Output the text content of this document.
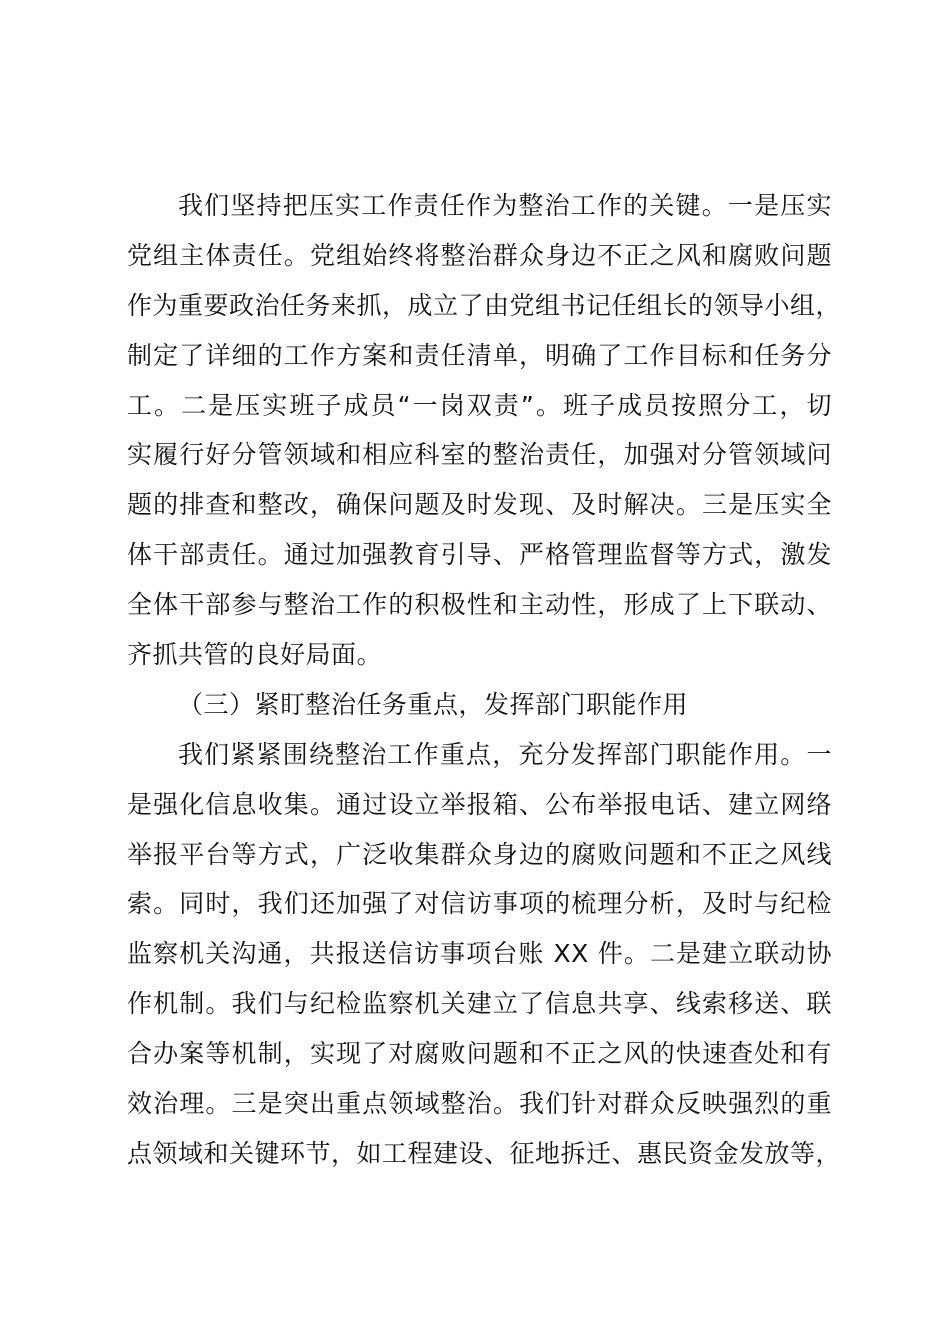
我们坚持把压实工作责任作为整治工作的关键。一是压实
党组主体责任。党组始终将整治群众身边不正之风和腐败问题
作为重要政治任务来抓，成立了由党组书记任组长的领导小组，
制定了详细的工作方案和责任清单，明确了工作目标和任务分
工。二是压实班子成员“一岗双责”。班子成员按照分工，切
实履行好分管领域和相应科室的整治责任，加强对分管领域问
题的排查和整改，确保问题及时发现、及时解决。三是压实全
体干部责任。通过加强教育引导、严格管理监督等方式，激发
全体干部参与整治工作的积极性和主动性，形成了上下联动、
齐抓共管的良好局面。
（三）紧盯整治任务重点，发挥部门职能作用
我们紧紧围绕整治工作重点，充分发挥部门职能作用。一
是强化信息收集。通过设立举报箱、公布举报电话、建立网络
举报平台等方式，广泛收集群众身边的腐败问题和不正之风线
索。同时，我们还加强了对信访事项的梳理分析，及时与纪检
监察机关沟通，共报送信访事项台账 XX 件。二是建立联动协
作机制。我们与纪检监察机关建立了信息共享、线索移送、联
合办案等机制，实现了对腐败问题和不正之风的快速查处和有
效治理。三是突出重点领域整治。我们针对群众反映强烈的重
点领域和关键环节，如工程建设、征地拆迁、惠民资金发放等，
